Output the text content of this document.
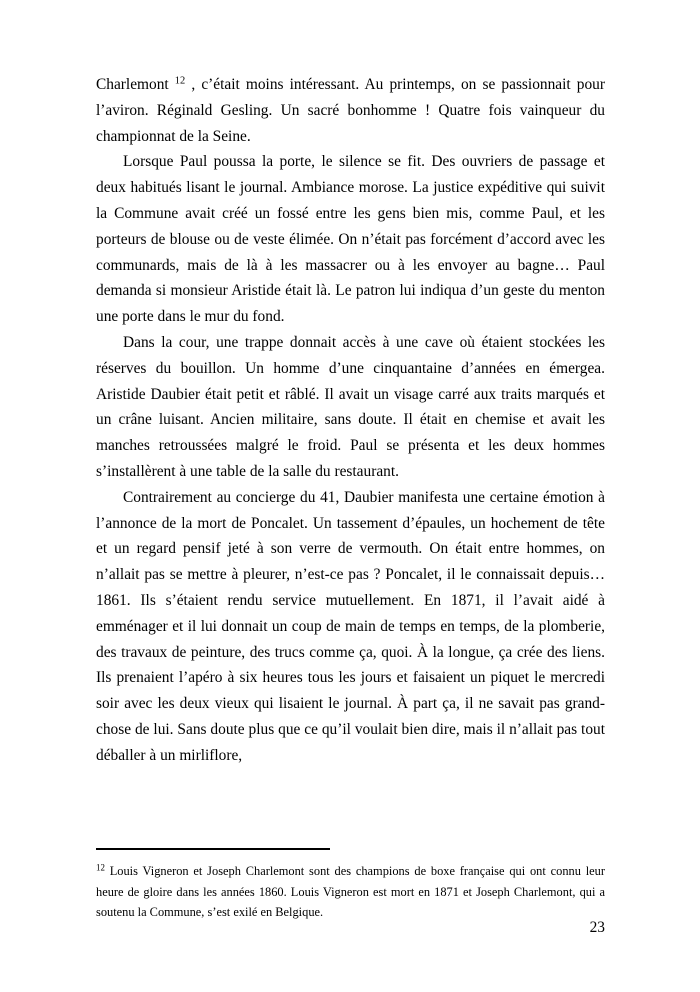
Charlemont $^{12}$ , c’était moins intéressant. Au printemps, on se passionnait pour l’aviron. Réginald Gesling. Un sacré bonhomme ! Quatre fois vainqueur du championnat de la Seine.

Lorsque Paul poussa la porte, le silence se fit. Des ouvriers de passage et deux habitués lisant le journal. Ambiance morose. La justice expéditive qui suivit la Commune avait créé un fossé entre les gens bien mis, comme Paul, et les porteurs de blouse ou de veste élimée. On n’était pas forcément d’accord avec les communards, mais de là à les massacrer ou à les envoyer au bagne… Paul demanda si monsieur Aristide était là. Le patron lui indiqua d’un geste du menton une porte dans le mur du fond.

Dans la cour, une trappe donnait accès à une cave où étaient stockées les réserves du bouillon. Un homme d’une cinquantaine d’années en émergea. Aristide Daubier était petit et râblé. Il avait un visage carré aux traits marqués et un crâne luisant. Ancien militaire, sans doute. Il était en chemise et avait les manches retroussées malgré le froid. Paul se présenta et les deux hommes s’installèrent à une table de la salle du restaurant.

Contrairement au concierge du 41, Daubier manifesta une certaine émotion à l’annonce de la mort de Poncalet. Un tassement d’épaules, un hochement de tête et un regard pensif jeté à son verre de vermouth. On était entre hommes, on n’allait pas se mettre à pleurer, n’est-ce pas ? Poncalet, il le connaissait depuis… 1861. Ils s’étaient rendu service mutuellement. En 1871, il l’avait aidé à emménager et il lui donnait un coup de main de temps en temps, de la plomberie, des travaux de peinture, des trucs comme ça, quoi. À la longue, ça crée des liens. Ils prenaient l’apéro à six heures tous les jours et faisaient un piquet le mercredi soir avec les deux vieux qui lisaient le journal. À part ça, il ne savait pas grand-chose de lui. Sans doute plus que ce qu’il voulait bien dire, mais il n’allait pas tout déballer à un mirliflore,

$^{12}$ Louis Vigneron et Joseph Charlemont sont des champions de boxe française qui ont connu leur heure de gloire dans les années 1860. Louis Vigneron est mort en 1871 et Joseph Charlemont, qui a soutenu la Commune, s’est exilé en Belgique.

23
